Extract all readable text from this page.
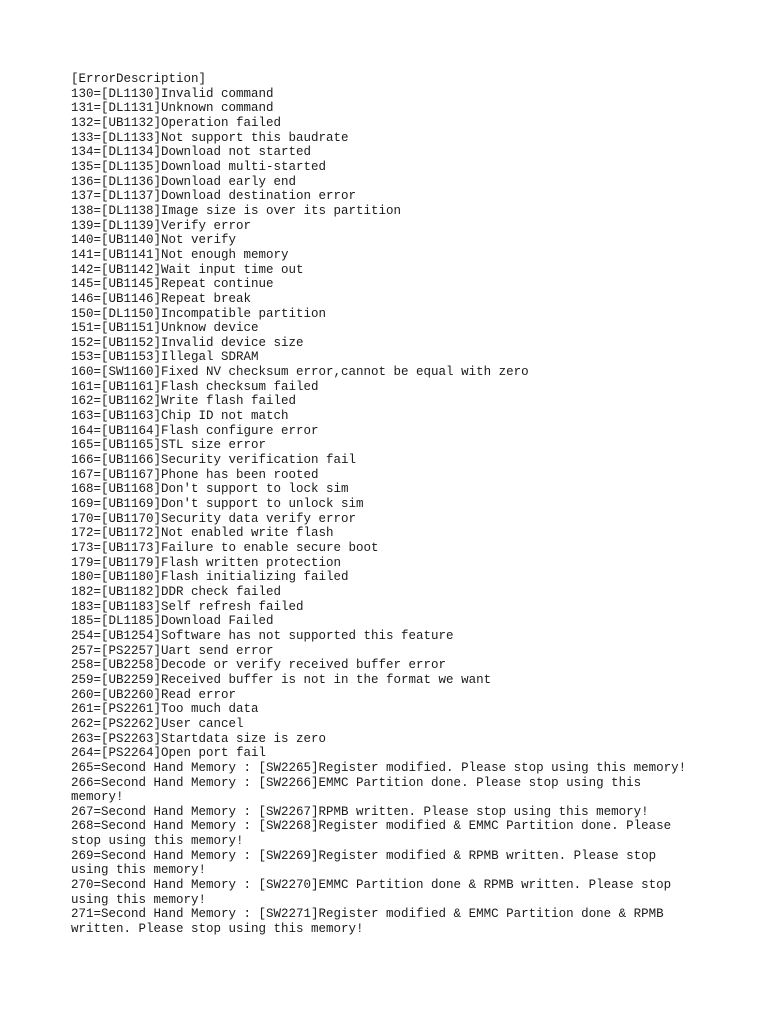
[ErrorDescription]

130=[DL1130]Invalid command

131=[DL1131]Unknown command

132=[UB1132]Operation failed

133=[DL1133]Not support this baudrate

134=[DL1134]Download not started

135=[DL1135]Download multi-started

136=[DL1136]Download early end

137=[DL1137]Download destination error

138=[DL1138]Image size is over its partition

139=[DL1139]Verify error

140=[UB1140]Not verify

141=[UB1141]Not enough memory

142=[UB1142]Wait input time out

145=[UB1145]Repeat continue

146=[UB1146]Repeat break

150=[DL1150]Incompatible partition

151=[UB1151]Unknow device

152=[UB1152]Invalid device size

153=[UB1153]Illegal SDRAM

160=[SW1160]Fixed NV checksum error,cannot be equal with zero

161=[UB1161]Flash checksum failed

162=[UB1162]Write flash failed

163=[UB1163]Chip ID not match

164=[UB1164]Flash configure error

165=[UB1165]STL size error

166=[UB1166]Security verification fail

167=[UB1167]Phone has been rooted

168=[UB1168]Don't support to lock sim

169=[UB1169]Don't support to unlock sim

170=[UB1170]Security data verify error

172=[UB1172]Not enabled write flash

173=[UB1173]Failure to enable secure boot

179=[UB1179]Flash written protection

180=[UB1180]Flash initializing failed

182=[UB1182]DDR check failed

183=[UB1183]Self refresh failed

185=[DL1185]Download Failed

254=[UB1254]Software has not supported this feature

257=[PS2257]Uart send error

258=[UB2258]Decode or verify received buffer error

259=[UB2259]Received buffer is not in the format we want

260=[UB2260]Read error

261=[PS2261]Too much data

262=[PS2262]User cancel

263=[PS2263]Startdata size is zero

264=[PS2264]Open port fail

265=Second Hand Memory : [SW2265]Register modified. Please stop using this memory!

266=Second Hand Memory : [SW2266]EMMC Partition done. Please stop using this memory!

267=Second Hand Memory : [SW2267]RPMB written. Please stop using this memory!

268=Second Hand Memory : [SW2268]Register modified & EMMC Partition done. Please stop using this memory!

269=Second Hand Memory : [SW2269]Register modified & RPMB written. Please stop using this memory!

270=Second Hand Memory : [SW2270]EMMC Partition done & RPMB written. Please stop using this memory!

271=Second Hand Memory : [SW2271]Register modified & EMMC Partition done & RPMB written. Please stop using this memory!
